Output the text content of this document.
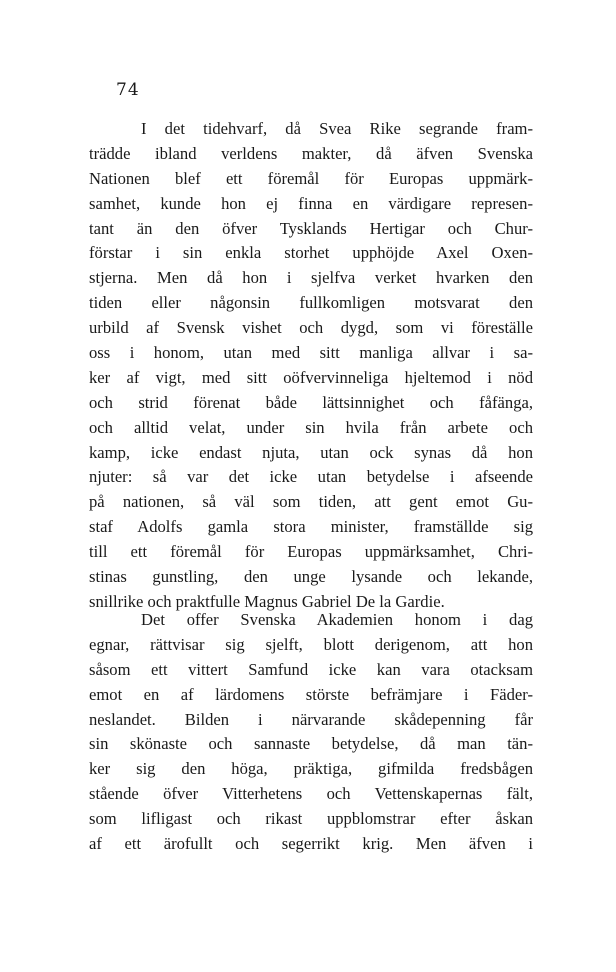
74
I det tidehvarf, då Svea Rike segrande fram-
trädde ibland verldens makter, då äfven Svenska
Nationen blef ett föremål för Europas uppmärk-
samhet, kunde hon ej finna en värdigare represen-
tant än den öfver Tysklands Hertigar och Chur-
förstar i sin enkla storhet upphöjde Axel Oxen-
stjerna. Men då hon i sjelfva verket hvarken den
tiden eller någonsin fullkomligen motsvarat den
urbild af Svensk vishet och dygd, som vi föreställe
oss i honom, utan med sitt manliga allvar i sa-
ker af vigt, med sitt oöfvervinneliga hjeltemod i nöd
och strid förenat både lättsinnighet och fåfänga,
och alltid velat, under sin hvila från arbete och
kamp, icke endast njuta, utan ock synas då hon
njuter: så var det icke utan betydelse i afseende
på nationen, så väl som tiden, att gent emot Gu-
staf Adolfs gamla stora minister, framställde sig
till ett föremål för Europas uppmärksamhet, Chri-
stinas gunstling, den unge lysande och lekande,
snillrike och praktfulle Magnus Gabriel De la Gardie.
Det offer Svenska Akademien honom i dag
egnar, rättvisar sig sjelft, blott derigenom, att hon
såsom ett vittert Samfund icke kan vara otacksam
emot en af lärdomens störste befrämjare i Fäder-
neslandet. Bilden i närvarande skådepenning får
sin skönaste och sannaste betydelse, då man tän-
ker sig den höga, präktiga, gifmilda fredsbågen
stående öfver Vitterhetens och Vettenskapernas fält,
som lifligast och rikast uppblomstrar efter åskan
af ett ärofullt och segerrikt krig. Men äfven i
